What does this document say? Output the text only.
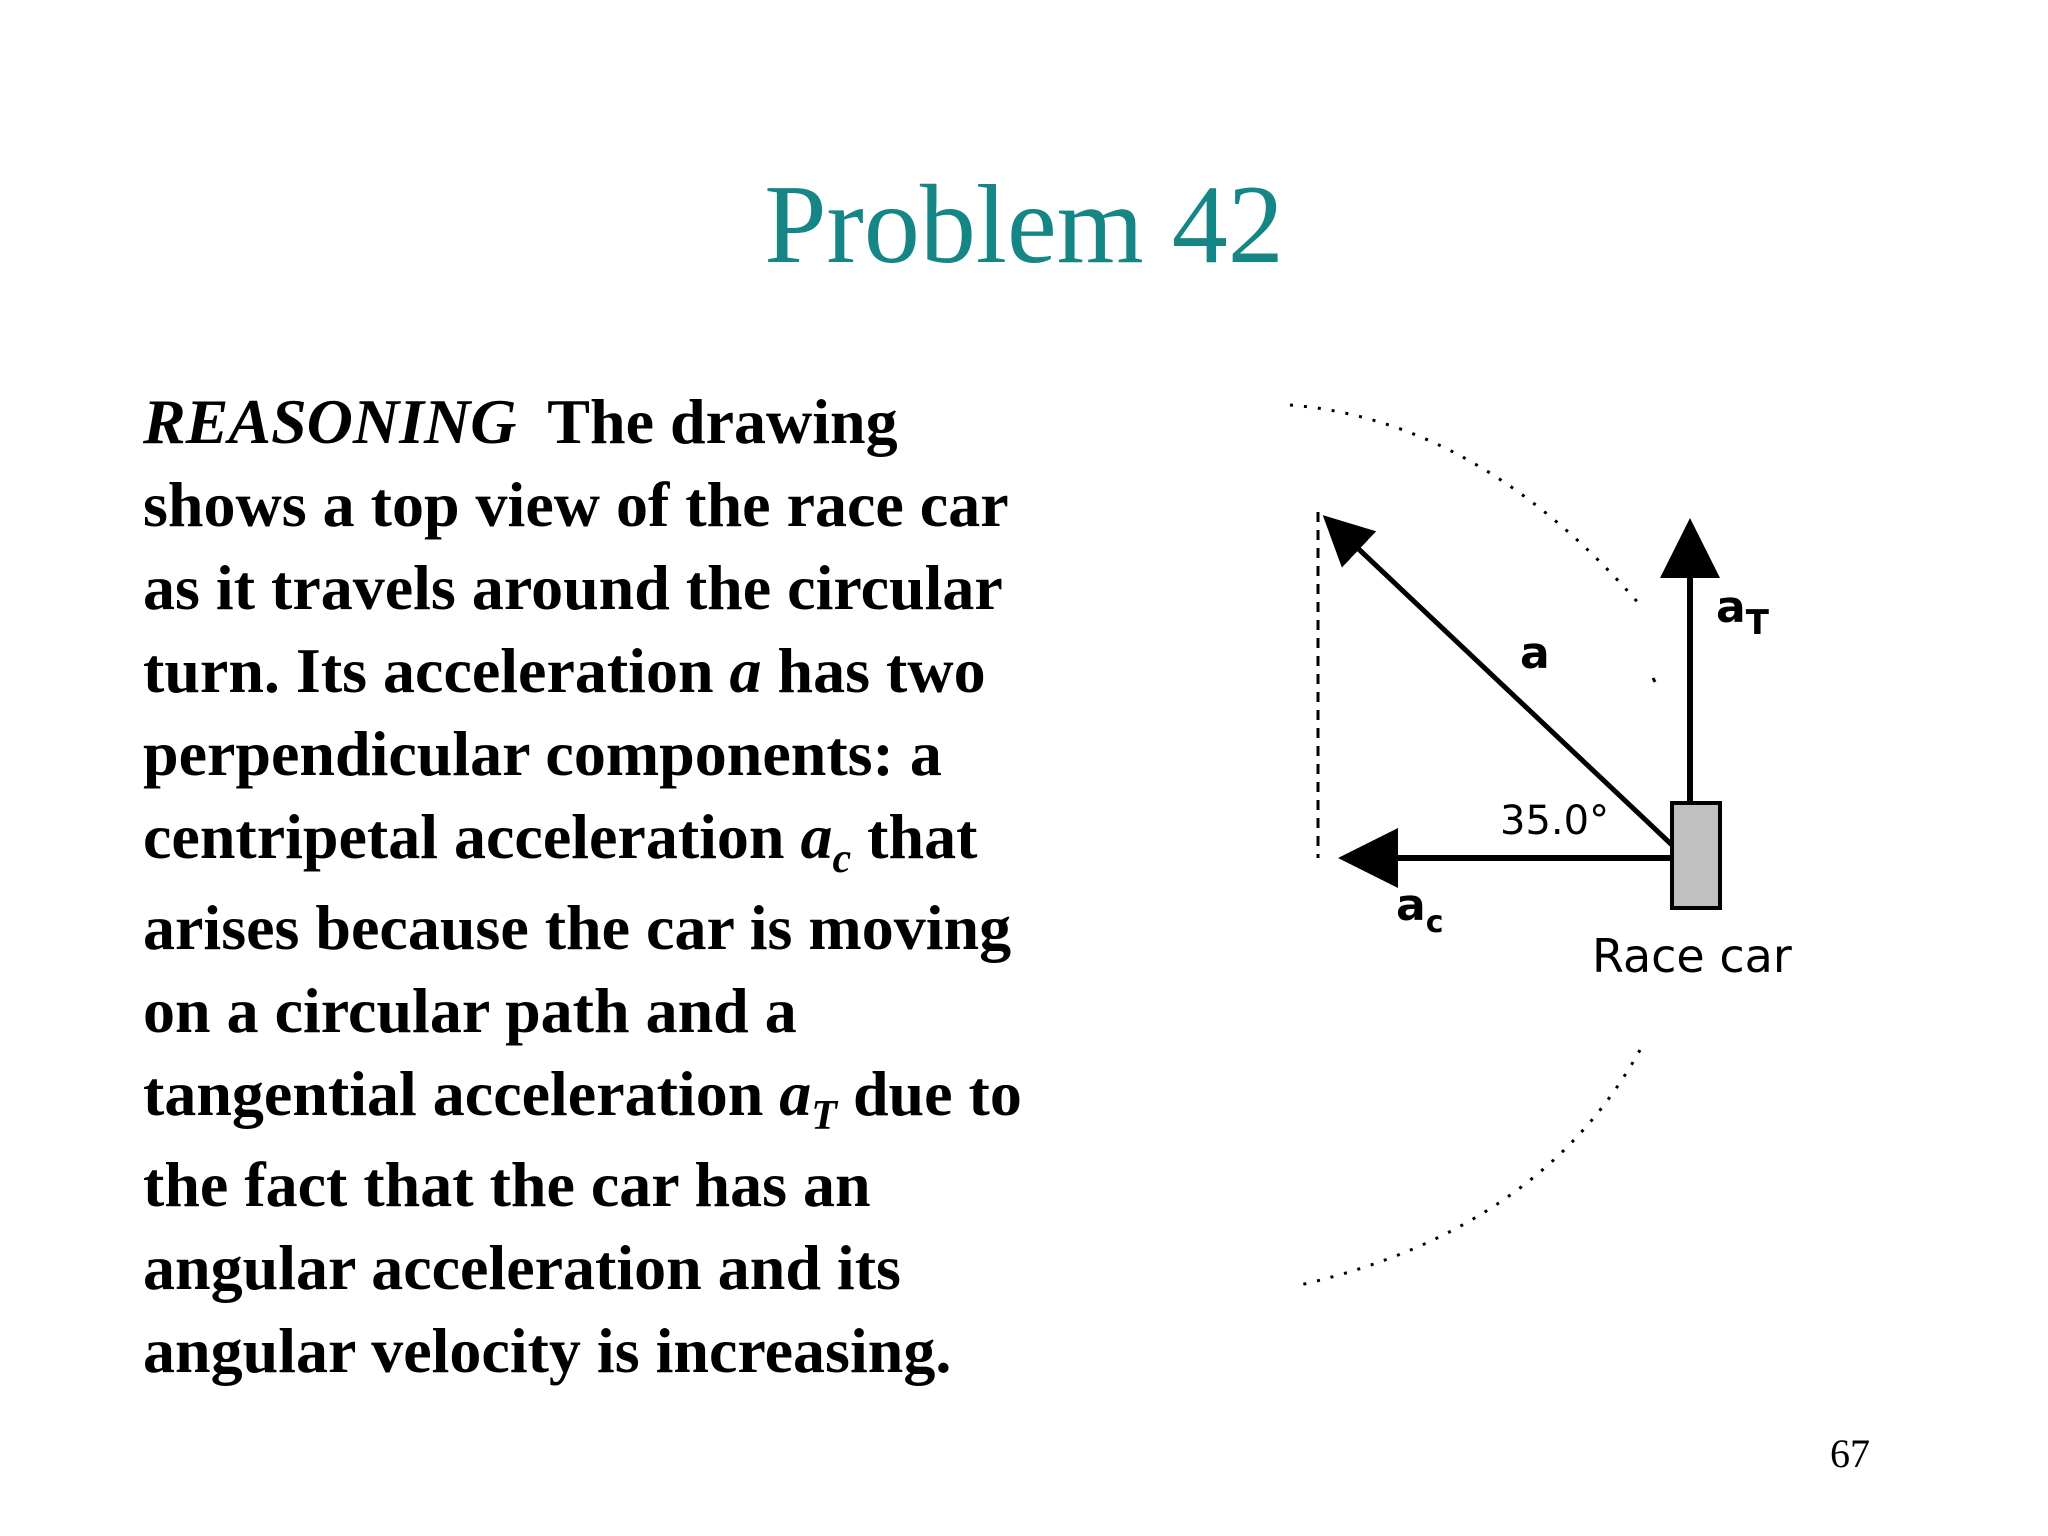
Problem 42
REASONING  The drawing
shows a top view of the race car
as it travels around the circular
turn. Its acceleration a has two
perpendicular components: a
centripetal acceleration $a_c$ that
arises because the car is moving
on a circular path and a
tangential acceleration $a_T$ due to
the fact that the car has an
angular acceleration and its
angular velocity is increasing.
a
$a_T$
$a_c$
35.0°
Race car
67
